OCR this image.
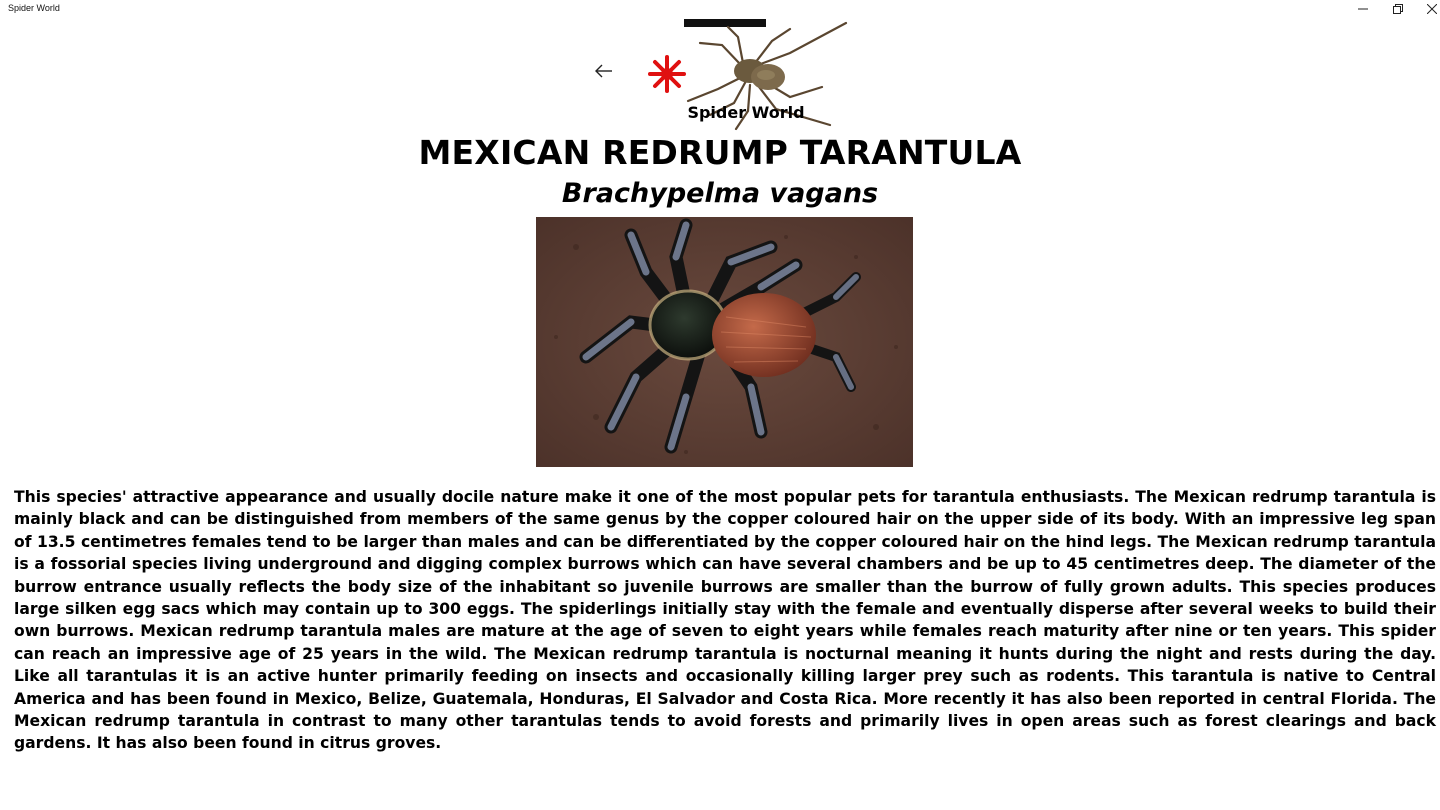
Spider World
Spider World
MEXICAN REDRUMP TARANTULA
Brachypelma vagans

This species' attractive appearance and usually docile nature make it one of the most popular pets for tarantula enthusiasts. The Mexican redrump tarantula is mainly black and can be distinguished from members of the same genus by the copper coloured hair on the upper side of its body. With an impressive leg span of 13.5 centimetres females tend to be larger than males and can be differentiated by the copper coloured hair on the hind legs. The Mexican redrump tarantula is a fossorial species living underground and digging complex burrows which can have several chambers and be up to 45 centimetres deep. The diameter of the burrow entrance usually reflects the body size of the inhabitant so juvenile burrows are smaller than the burrow of fully grown adults. This species produces large silken egg sacs which may contain up to 300 eggs. The spiderlings initially stay with the female and eventually disperse after several weeks to build their own burrows. Mexican redrump tarantula males are mature at the age of seven to eight years while females reach maturity after nine or ten years. This spider can reach an impressive age of 25 years in the wild. The Mexican redrump tarantula is nocturnal meaning it hunts during the night and rests during the day. Like all tarantulas it is an active hunter primarily feeding on insects and occasionally killing larger prey such as rodents. This tarantula is native to Central America and has been found in Mexico, Belize, Guatemala, Honduras, El Salvador and Costa Rica. More recently it has also been reported in central Florida. The Mexican redrump tarantula in contrast to many other tarantulas tends to avoid forests and primarily lives in open areas such as forest clearings and back gardens. It has also been found in citrus groves.
